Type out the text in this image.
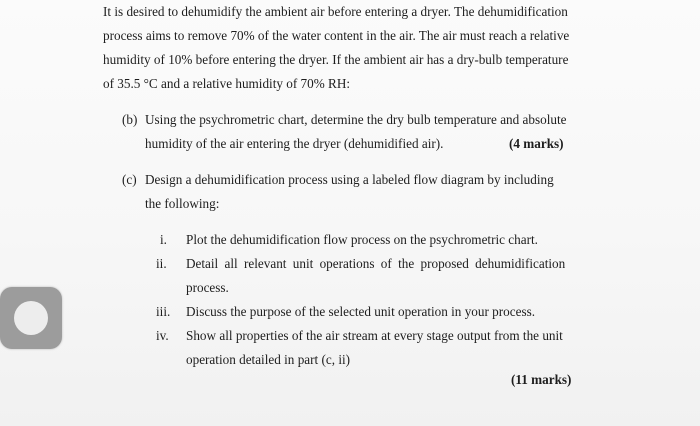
It is desired to dehumidify the ambient air before entering a dryer. The dehumidification
process aims to remove 70% of the water content in the air. The air must reach a relative
humidity of 10% before entering the dryer. If the ambient air has a dry-bulb temperature
of 35.5 °C and a relative humidity of 70% RH:
(b) Using the psychrometric chart, determine the dry bulb temperature and absolute
humidity of the air entering the dryer (dehumidified air).	(4 marks)
(c) Design a dehumidification process using a labeled flow diagram by including
the following:
i.	Plot the dehumidification flow process on the psychrometric chart.
ii.	Detail all relevant unit operations of the proposed dehumidification
process.
iii.	Discuss the purpose of the selected unit operation in your process.
iv.	Show all properties of the air stream at every stage output from the unit
operation detailed in part (c, ii)
(11 marks)
